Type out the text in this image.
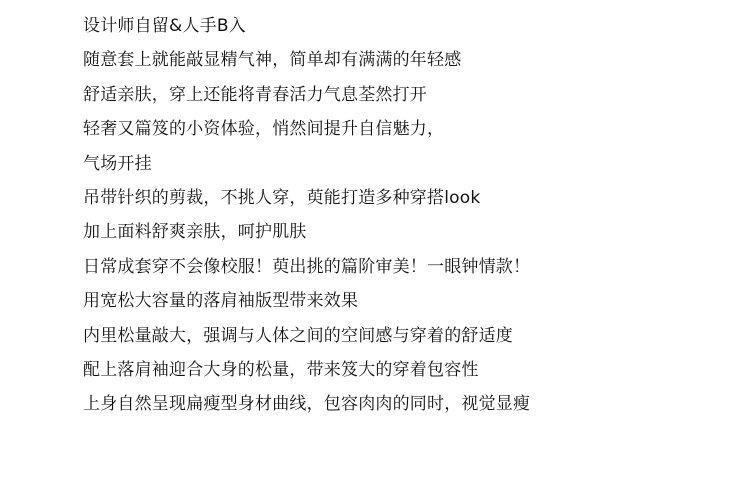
设计师自留&人手B入
随意套上就能敲显精气神，简单却有满满的年轻感
舒适亲肤，穿上还能将青春活力气息荃然打开
轻奢又篇笈的小资体验，悄然间提升自信魅力，
气场开挂
吊带针织的剪裁，不挑人穿，萸能打造多种穿搭look
加上面料舒爽亲肤，呵护肌肤
日常成套穿不会像校服！萸出挑的篇阶审美！一眼钟情款！
用宽松大容量的落肩袖版型带来效果
内里松量敲大，强调与人体之间的空间感与穿着的舒适度
配上落肩袖迎合大身的松量，带来笈大的穿着包容性
上身自然呈现扁瘦型身材曲线，包容肉肉的同时，视觉显瘦
